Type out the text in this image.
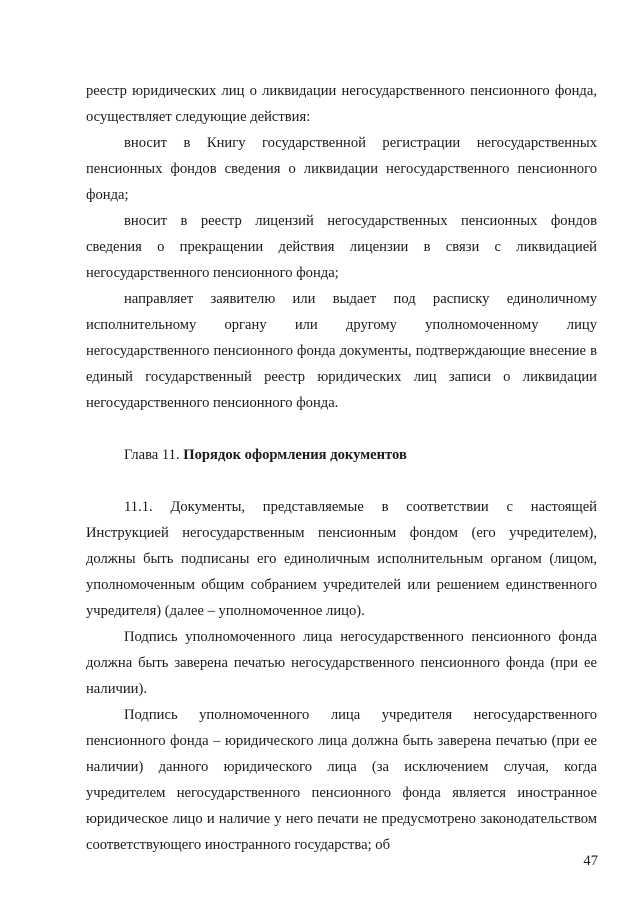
реестр юридических лиц о ликвидации негосударственного пенсионного фонда, осуществляет следующие действия:

вносит в Книгу государственной регистрации негосударственных пенсионных фондов сведения о ликвидации негосударственного пенсионного фонда;

вносит в реестр лицензий негосударственных пенсионных фондов сведения о прекращении действия лицензии в связи с ликвидацией негосударственного пенсионного фонда;

направляет заявителю или выдает под расписку единоличному исполнительному органу или другому уполномоченному лицу негосударственного пенсионного фонда документы, подтверждающие внесение в единый государственный реестр юридических лиц записи о ликвидации негосударственного пенсионного фонда.

Глава 11. Порядок оформления документов

11.1. Документы, представляемые в соответствии с настоящей Инструкцией негосударственным пенсионным фондом (его учредителем), должны быть подписаны его единоличным исполнительным органом (лицом, уполномоченным общим собранием учредителей или решением единственного учредителя) (далее – уполномоченное лицо).

Подпись уполномоченного лица негосударственного пенсионного фонда должна быть заверена печатью негосударственного пенсионного фонда (при ее наличии).

Подпись уполномоченного лица учредителя негосударственного пенсионного фонда – юридического лица должна быть заверена печатью (при ее наличии) данного юридического лица (за исключением случая, когда учредителем негосударственного пенсионного фонда является иностранное юридическое лицо и наличие у него печати не предусмотрено законодательством соответствующего иностранного государства; об

47
